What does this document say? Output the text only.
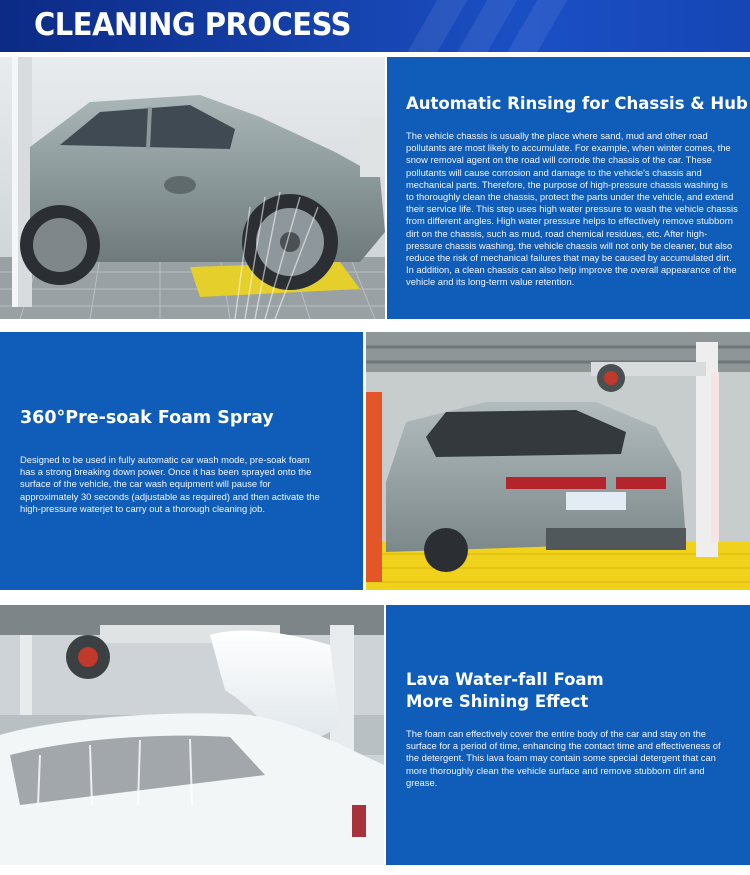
CLEANING PROCESS
Automatic Rinsing for Chassis & Hub
The vehicle chassis is usually the place where sand, mud and other road pollutants are most likely to accumulate. For example, when winter comes, the snow removal agent on the road will corrode the chassis of the car. These pollutants will cause corrosion and damage to the vehicle's chassis and mechanical parts. Therefore, the purpose of high-pressure chassis washing is to thoroughly clean the chassis, protect the parts under the vehicle, and extend their service life. This step uses high water pressure to wash the vehicle chassis from different angles. High water pressure helps to effectively remove stubborn dirt on the chassis, such as mud, road chemical residues, etc. After high-pressure chassis washing, the vehicle chassis will not only be cleaner, but also reduce the risk of mechanical failures that may be caused by accumulated dirt. In addition, a clean chassis can also help improve the overall appearance of the vehicle and its long-term value retention.
360°Pre-soak Foam Spray
Designed to be used in fully automatic car wash mode, pre-soak foam has a strong breaking down power. Once it has been sprayed onto the surface of the vehicle, the car wash equipment will pause for approximately 30 seconds (adjustable as required) and then activate the high-pressure waterjet to carry out a thorough cleaning job.
Lava Water-fall Foam
More Shining Effect
The foam can effectively cover the entire body of the car and stay on the surface for a period of time, enhancing the contact time and effectiveness of the detergent. This lava foam may contain some special detergent that can more thoroughly clean the vehicle surface and remove stubborn dirt and grease.
